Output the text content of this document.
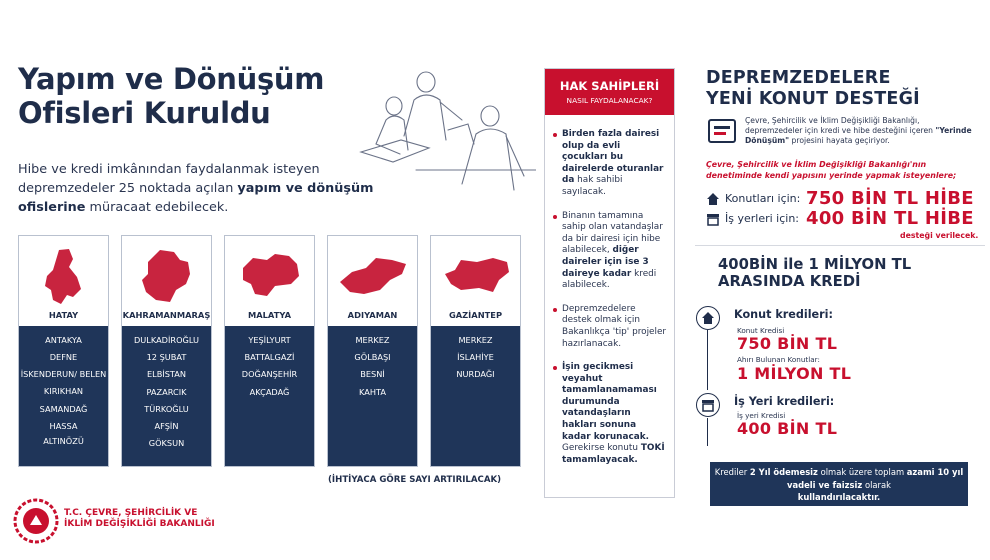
Yapım ve Dönüşüm
Ofisleri Kuruldu
Hibe ve kredi imkânından faydalanmak isteyen depremzedeler 25 noktada açılan yapım ve dönüşüm ofislerine müracaat edebilecek.
HATAY
ANTAKYA
DEFNE
İSKENDERUN/ BELEN
KIRIKHAN
SAMANDAĞ
HASSA
ALTINÖZÜ
KAHRAMANMARAŞ
DULKADİROĞLU
12 ŞUBAT
ELBİSTAN
PAZARCIK
TÜRKOĞLU
AFŞİN
GÖKSUN
MALATYA
YEŞİLYURT
BATTALGAZİ
DOĞANŞEHİR
AKÇADAĞ
ADIYAMAN
MERKEZ
GÖLBAŞI
BESNİ
KAHTA
GAZİANTEP
MERKEZ
İSLAHİYE
NURDAĞI
(İHTİYACA GÖRE SAYI ARTIRILACAK)
T.C. ÇEVRE, ŞEHİRCİLİK VE
İKLİM DEĞİŞİKLİĞİ BAKANLIĞI
HAK SAHİPLERİ
NASIL FAYDALANACAK?
Birden fazla dairesi olup da evli çocukları bu dairelerde oturanlar da hak sahibi sayılacak.
Binanın tamamına sahip olan vatandaşlar da bir dairesi için hibe alabilecek, diğer daireler için ise 3 daireye kadar kredi alabilecek.
Depremzedelere destek olmak için Bakanlıkça 'tip' projeler hazırlanacak.
İşin gecikmesi veyahut tamamlanamaması durumunda vatandaşların hakları sonuna kadar korunacak. Gerekirse konutu TOKİ tamamlayacak.
DEPREMZEDELERE
YENİ KONUT DESTEĞİ
Çevre, Şehircilik ve İklim Değişikliği Bakanlığı, depremzedeler için kredi ve hibe desteğini içeren "Yerinde Dönüşüm" projesini hayata geçiriyor.
Çevre, Şehircilik ve İklim Değişikliği Bakanlığı'nın denetiminde kendi yapısını yerinde yapmak isteyenlere;
Konutları için: 750 BİN TL HİBE
İş yerleri için: 400 BİN TL HİBE
desteği verilecek.
400BİN ile 1 MİLYON TL
ARASINDA KREDİ
Konut kredileri:
Konut Kredisi
750 BİN TL
Ahırı Bulunan Konutlar:
1 MİLYON TL
İş Yeri kredileri:
İş yeri Kredisi
400 BİN TL
Krediler 2 Yıl ödemesiz olmak üzere toplam azami 10 yıl vadeli ve faizsiz olarak
kullandırılacaktır.
